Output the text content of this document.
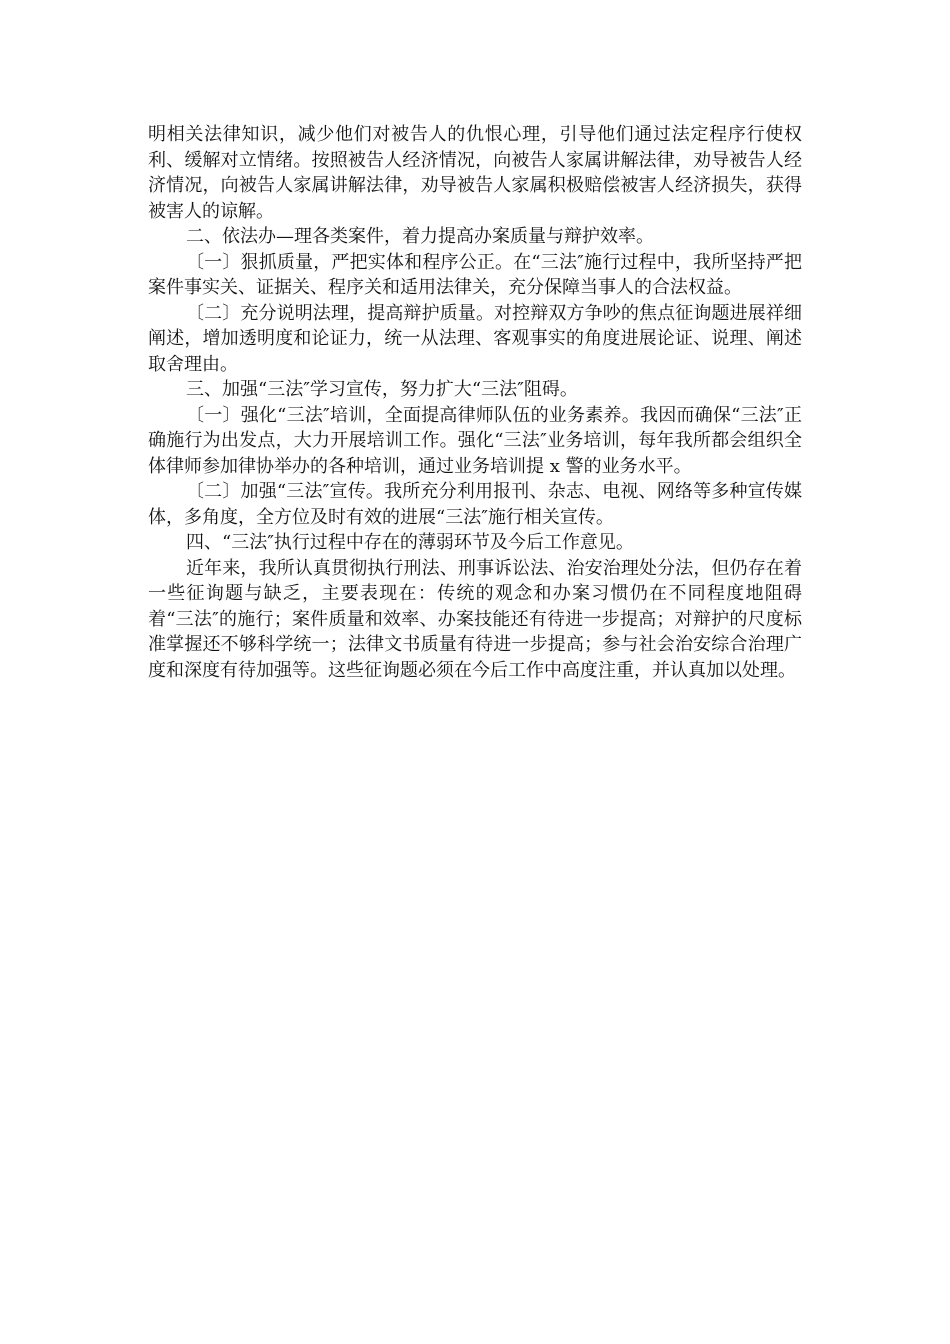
明相关法律知识，减少他们对被告人的仇恨心理，引导他们通过法定程序行使权利、缓解对立情绪。按照被告人经济情况，向被告人家属讲解法律，劝导被告人经济情况，向被告人家属讲解法律，劝导被告人家属积极赔偿被害人经济损失，获得被害人的谅解。

二、依法办—理各类案件，着力提高办案质量与辩护效率。

〔一〕狠抓质量，严把实体和程序公正。在“三法″施行过程中，我所坚持严把案件事实关、证据关、程序关和适用法律关，充分保障当事人的合法权益。

〔二〕充分说明法理，提高辩护质量。对控辩双方争吵的焦点征询题进展祥细阐述，增加透明度和论证力，统一从法理、客观事实的角度进展论证、说理、阐述取舍理由。

三、加强“三法″学习宣传，努力扩大“三法″阻碍。

〔一〕强化“三法″培训，全面提高律师队伍的业务素养。我因而确保“三法″正确施行为出发点，大力开展培训工作。强化“三法″业务培训，每年我所都会组织全体律师参加律协举办的各种培训，通过业务培训提 x 警的业务水平。

〔二〕加强“三法″宣传。我所充分利用报刊、杂志、电视、网络等多种宣传媒体，多角度，全方位及时有效的进展“三法″施行相关宣传。

四、“三法″执行过程中存在的薄弱环节及今后工作意见。

近年来，我所认真贯彻执行刑法、刑事诉讼法、治安治理处分法，但仍存在着一些征询题与缺乏，主要表现在：传统的观念和办案习惯仍在不同程度地阻碍着“三法″的施行；案件质量和效率、办案技能还有待进一步提高；对辩护的尺度标准掌握还不够科学统一；法律文书质量有待进一步提高；参与社会治安综合治理广度和深度有待加强等。这些征询题必须在今后工作中高度注重，并认真加以处理。
